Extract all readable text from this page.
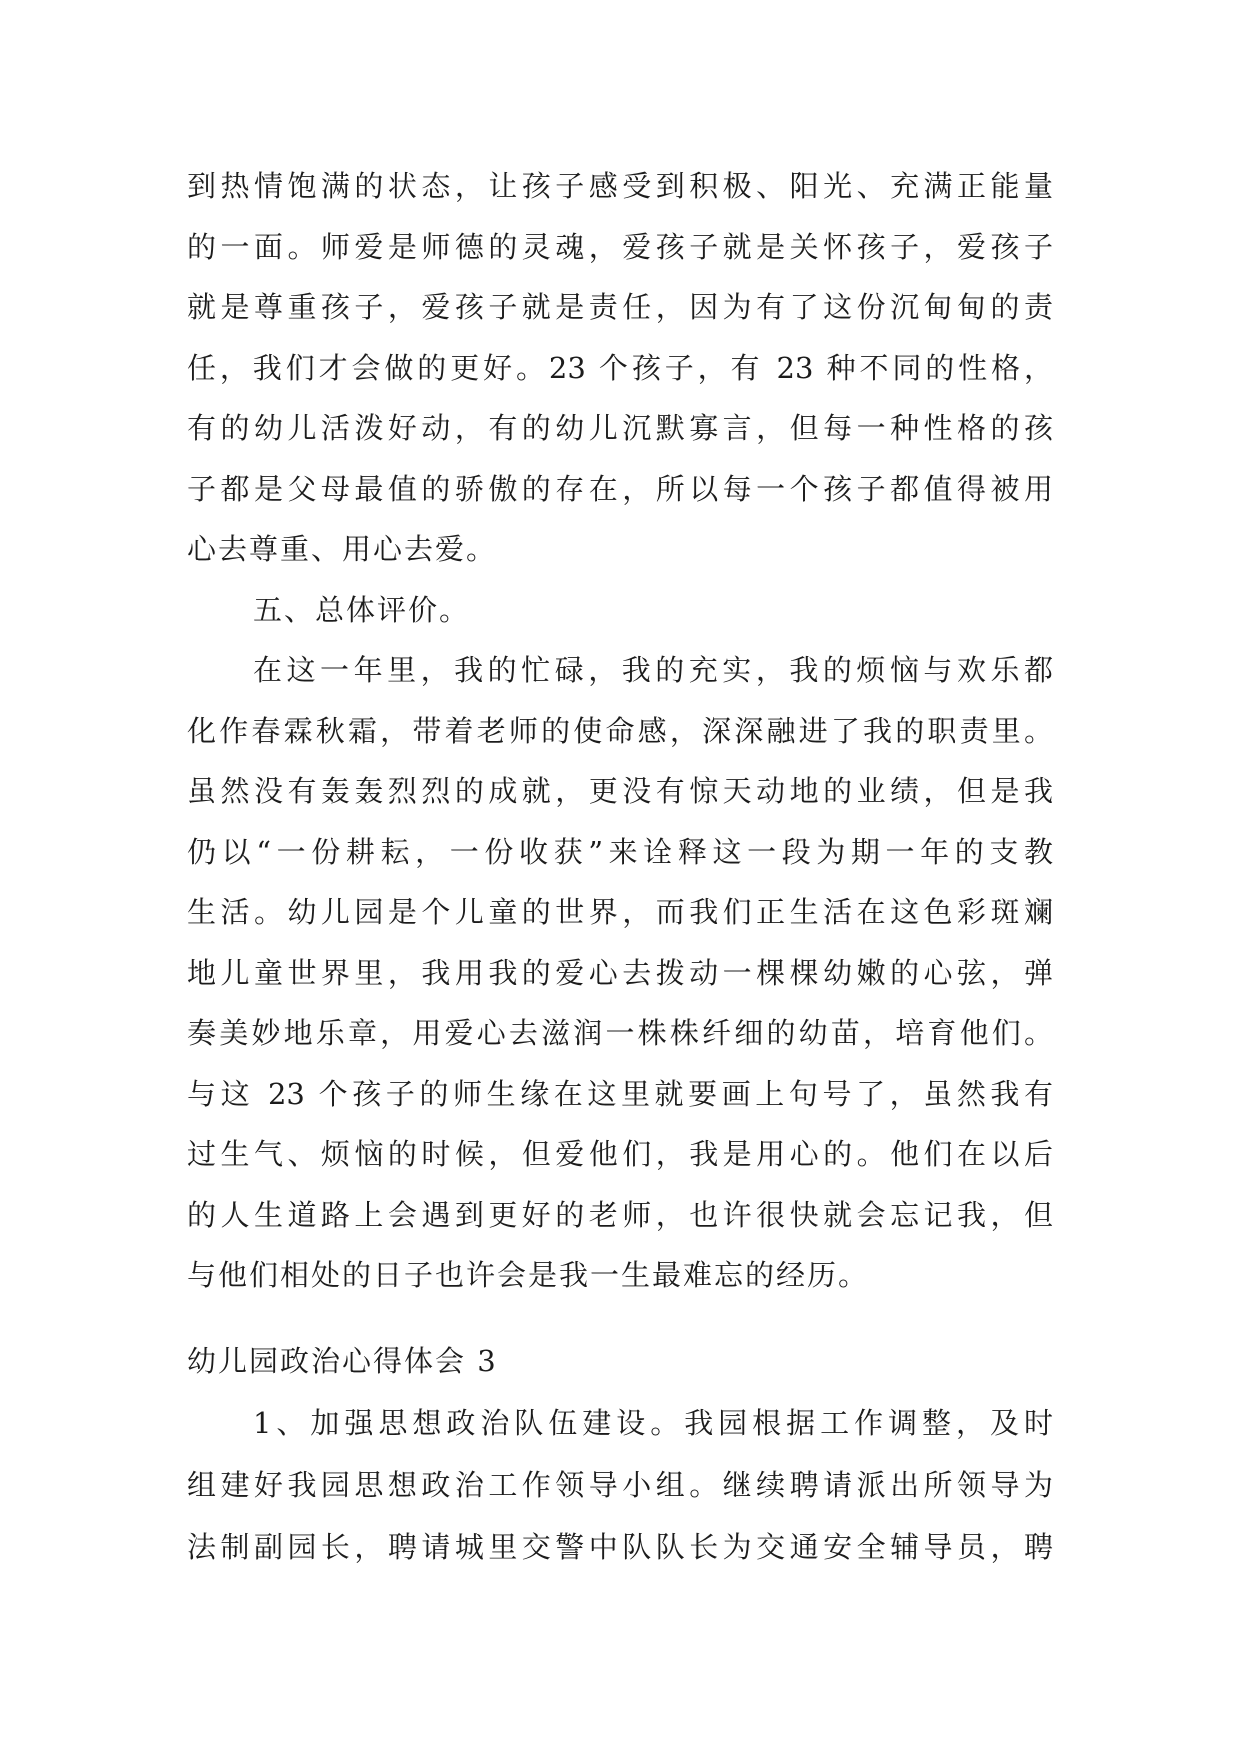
到热情饱满的状态，让孩子感受到积极、阳光、充满正能量
的一面。师爱是师德的灵魂，爱孩子就是关怀孩子，爱孩子
就是尊重孩子，爱孩子就是责任，因为有了这份沉甸甸的责
任，我们才会做的更好。23 个孩子，有 23 种不同的性格，
有的幼儿活泼好动，有的幼儿沉默寡言，但每一种性格的孩
子都是父母最值的骄傲的存在，所以每一个孩子都值得被用
心去尊重、用心去爱。
五、总体评价。
在这一年里，我的忙碌，我的充实，我的烦恼与欢乐都
化作春霖秋霜，带着老师的使命感，深深融进了我的职责里。
虽然没有轰轰烈烈的成就，更没有惊天动地的业绩，但是我
仍以“一份耕耘，一份收获”来诠释这一段为期一年的支教
生活。幼儿园是个儿童的世界，而我们正生活在这色彩斑斓
地儿童世界里，我用我的爱心去拨动一棵棵幼嫩的心弦，弹
奏美妙地乐章，用爱心去滋润一株株纤细的幼苗，培育他们。
与这 23 个孩子的师生缘在这里就要画上句号了，虽然我有
过生气、烦恼的时候，但爱他们，我是用心的。他们在以后
的人生道路上会遇到更好的老师，也许很快就会忘记我，但
与他们相处的日子也许会是我一生最难忘的经历。
幼儿园政治心得体会 3
1、加强思想政治队伍建设。我园根据工作调整，及时
组建好我园思想政治工作领导小组。继续聘请派出所领导为
法制副园长，聘请城里交警中队队长为交通安全辅导员，聘
